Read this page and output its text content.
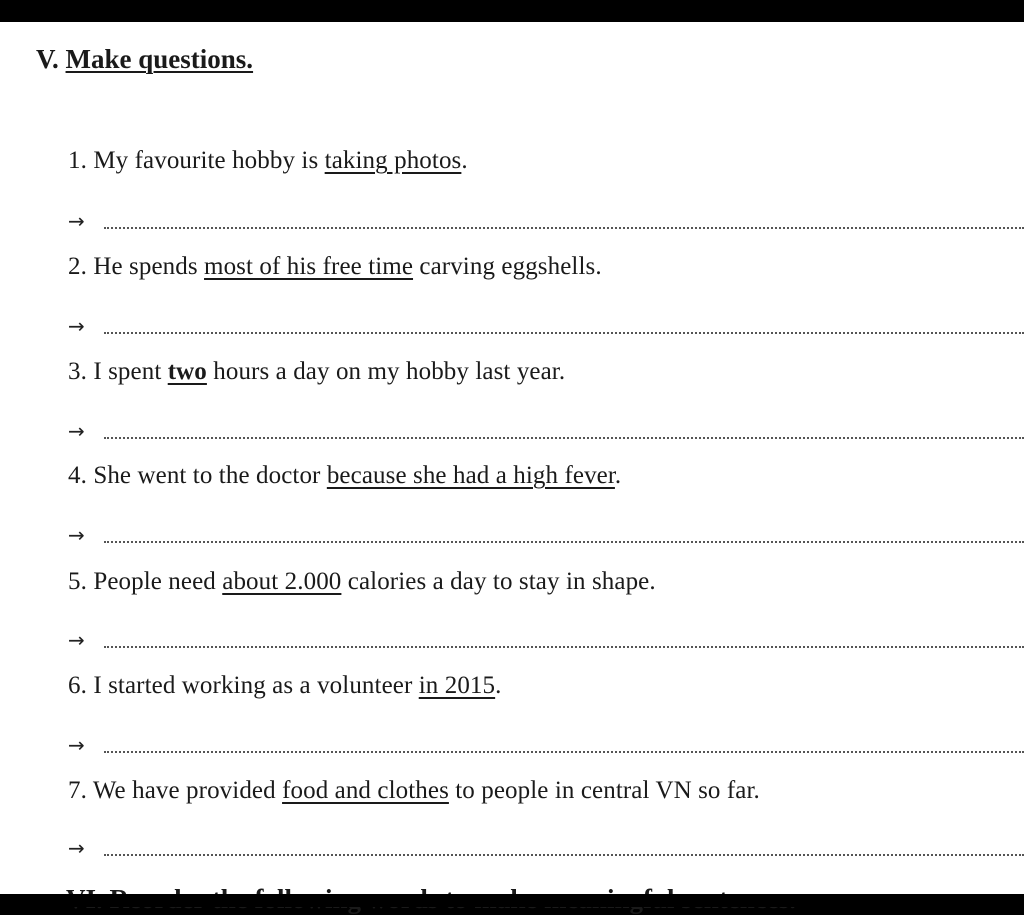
V. Make questions.
1. My favourite hobby is taking photos.
→
2. He spends most of his free time carving eggshells.
→
3. I spent two hours a day on my hobby last year.
→
4. She went to the doctor because she had a high fever.
→
5. People need about 2.000 calories a day to stay in shape.
→
6. I started working as a volunteer in 2015.
→
7. We have provided food and clothes to people in central VN so far.
→
